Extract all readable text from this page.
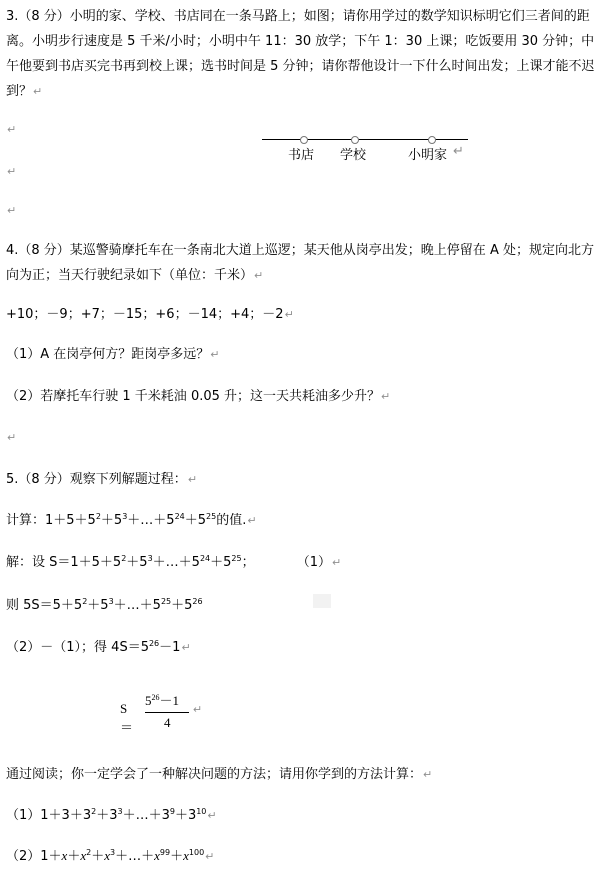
3.（8 分）小明的家、学校、书店同在一条马路上；如图；请你用学过的数学知识标明它们三者间的距离。小明步行速度是 5 千米/小时；小明中午 11：30 放学；下午 1：30 上课；吃饭要用 30 分钟；中午他要到书店买完书再到校上课；选书时间是 5 分钟；请你帮他设计一下什么时间出发；上课才能不迟到？↵
↵
书店 学校	小明家 ↵
↵
↵
4.（8 分）某巡警骑摩托车在一条南北大道上巡逻；某天他从岗亭出发；晚上停留在 A 处；规定向北方向为正；当天行驶纪录如下（单位：千米）↵
+10；－9；+7；－15；+6；－14；+4；－2↵
（1）A 在岗亭何方？距岗亭多远？↵
（2）若摩托车行驶 1 千米耗油 0.05 升；这一天共耗油多少升？↵
↵
5.（8 分）观察下列解题过程：↵
计算：$1+5+5^2+5^3+\dots+5^{24}+5^{25}$的值.↵
解：设 $S=1+5+5^2+5^3+\dots+5^{24}+5^{25}$；	（1）↵
则 $5S=5+5^2+5^3+\dots+5^{25}+5^{26}$
（2）－（1）；得 $4S=5^{26}-1↵$
S＝
$5^{26}-1$
4
↵
通过阅读；你一定学会了一种解决问题的方法；请用你学到的方法计算：↵
$(1)1+3+3^2+3^3+\dots+3^9+3^{10}↵$
$(2)1+x+x^2+x^3+\dots+x^{99}+x^{100}↵$
